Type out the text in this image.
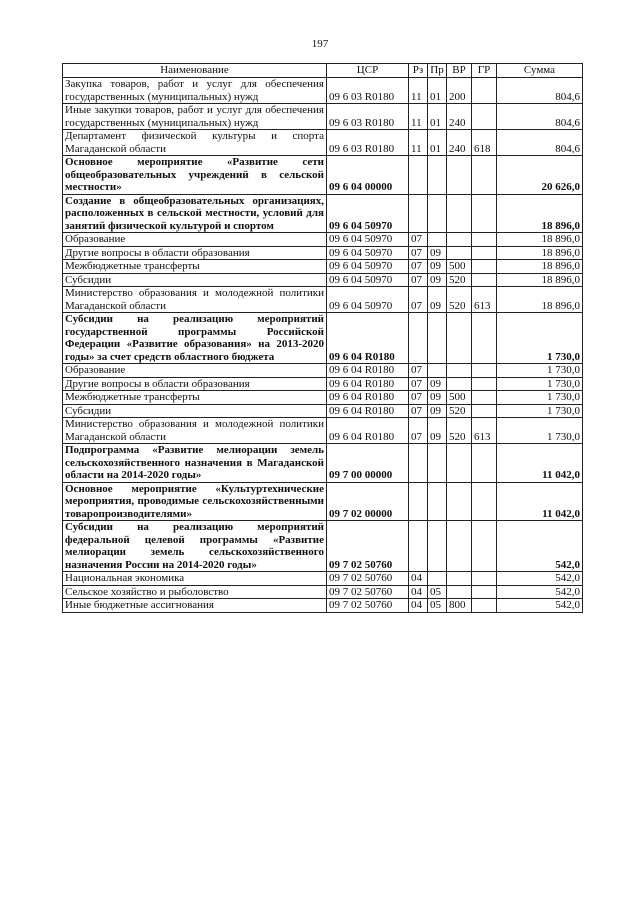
197
Наименование	ЦСР	Рз	Пр	ВР	ГР	Сумма
Закупка товаров, работ и услуг для обеспечения государственных (муниципальных) нужд	09 6 03 R0180	11	01	200		804,6
Иные закупки товаров, работ и услуг для обеспечения государственных (муниципальных) нужд	09 6 03 R0180	11	01	240		804,6
Департамент физической культуры и спорта Магаданской области	09 6 03 R0180	11	01	240	618	804,6
Основное мероприятие «Развитие сети общеобразовательных учреждений в сельской местности»	09 6 04 00000					20 626,0
Создание в общеобразовательных организациях, расположенных в сельской местности, условий для занятий физической культурой и спортом	09 6 04 50970					18 896,0
Образование	09 6 04 50970	07				18 896,0
Другие вопросы в области образования	09 6 04 50970	07	09			18 896,0
Межбюджетные трансферты	09 6 04 50970	07	09	500		18 896,0
Субсидии	09 6 04 50970	07	09	520		18 896,0
Министерство образования и молодежной политики Магаданской области	09 6 04 50970	07	09	520	613	18 896,0
Субсидии на реализацию мероприятий государственной программы Российской Федерации «Развитие образования» на 2013-2020 годы» за счет средств областного бюджета	09 6 04 R0180					1 730,0
Образование	09 6 04 R0180	07				1 730,0
Другие вопросы в области образования	09 6 04 R0180	07	09			1 730,0
Межбюджетные трансферты	09 6 04 R0180	07	09	500		1 730,0
Субсидии	09 6 04 R0180	07	09	520		1 730,0
Министерство образования и молодежной политики Магаданской области	09 6 04 R0180	07	09	520	613	1 730,0
Подпрограмма «Развитие мелиорации земель сельскохозяйственного назначения в Магаданской области на 2014-2020 годы»	09 7 00 00000					11 042,0
Основное мероприятие «Культуртехнические мероприятия, проводимые сельскохозяйственными товаропроизводителями»	09 7 02 00000					11 042,0
Субсидии на реализацию мероприятий федеральной целевой программы «Развитие мелиорации земель сельскохозяйственного назначения России на 2014-2020 годы»	09 7 02 50760					542,0
Национальная экономика	09 7 02 50760	04				542,0
Сельское хозяйство и рыболовство	09 7 02 50760	04	05			542,0
Иные бюджетные ассигнования	09 7 02 50760	04	05	800		542,0
